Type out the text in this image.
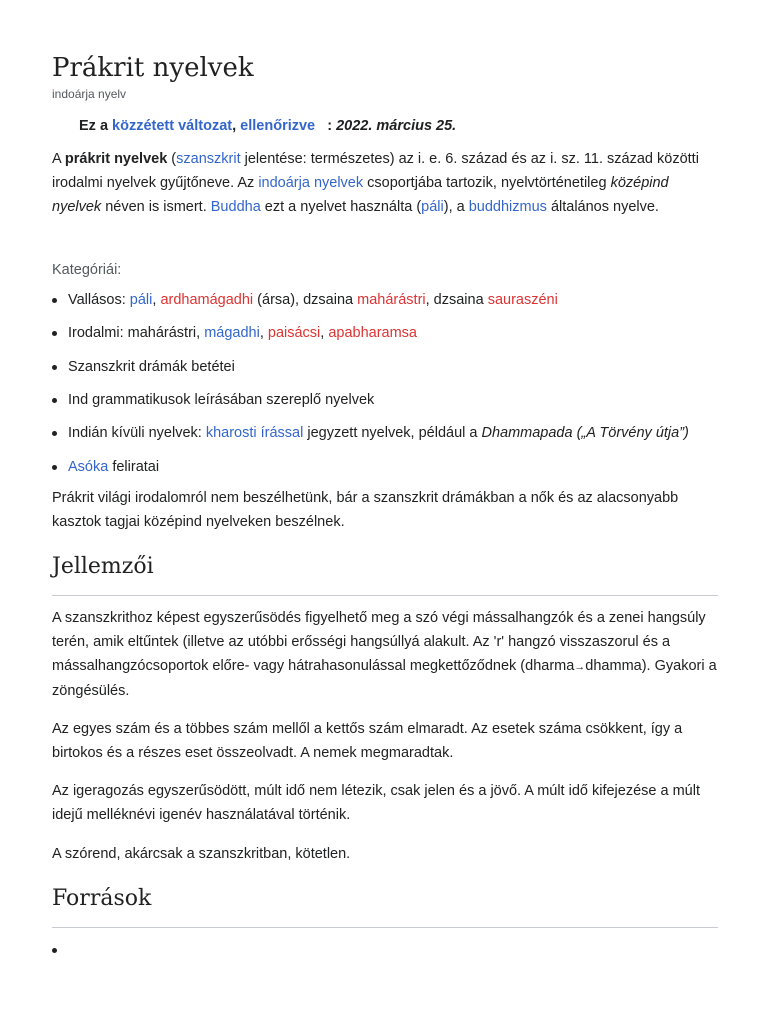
Prákrit nyelvek
indoárja nyelv
Ez a közzétett változat, ellenőrizve : 2022. március 25.

A prákrit nyelvek (szanszkrit jelentése: természetes) az i. e. 6. század és az i. sz. 11. század közötti irodalmi nyelvek gyűjtőneve. Az indoárja nyelvek csoportjába tartozik, nyelvtörténetileg középind nyelvek néven is ismert. Buddha ezt a nyelvet használta (páli), a buddhizmus általános nyelve.

Kategóriái:
Vallásos: páli, ardhamágadhi (ársa), dzsaina mahárástri, dzsaina sauraszéni
Irodalmi: mahárástri, mágadhi, paisácsi, apabharamsa
Szanszkrit drámák betétei
Ind grammatikusok leírásában szereplő nyelvek
Indián kívüli nyelvek: kharosti írással jegyzett nyelvek, például a Dhammapada („A Törvény útja”)
Asóka feliratai

Prákrit világi irodalomról nem beszélhetünk, bár a szanszkrit drámákban a nők és az alacsonyabb kasztok tagjai középind nyelveken beszélnek.

Jellemzői

A szanszkrithoz képest egyszerűsödés figyelhető meg a szó végi mássalhangzók és a zenei hangsúly terén, amik eltűntek (illetve az utóbbi erősségi hangsúllyá alakult. Az 'r' hangzó visszaszorul és a mássalhangzócsoportok előre- vagy hátrahasonulással megkettőződnek (dharma→dhamma). Gyakori a zöngésülés.

Az egyes szám és a többes szám mellől a kettős szám elmaradt. Az esetek száma csökkent, így a birtokos és a részes eset összeolvadt. A nemek megmaradtak.

Az igeragozás egyszerűsödött, múlt idő nem létezik, csak jelen és a jövő. A múlt idő kifejezése a múlt idejű melléknévi igenév használatával történik.

A szórend, akárcsak a szanszkritban, kötetlen.

Források
